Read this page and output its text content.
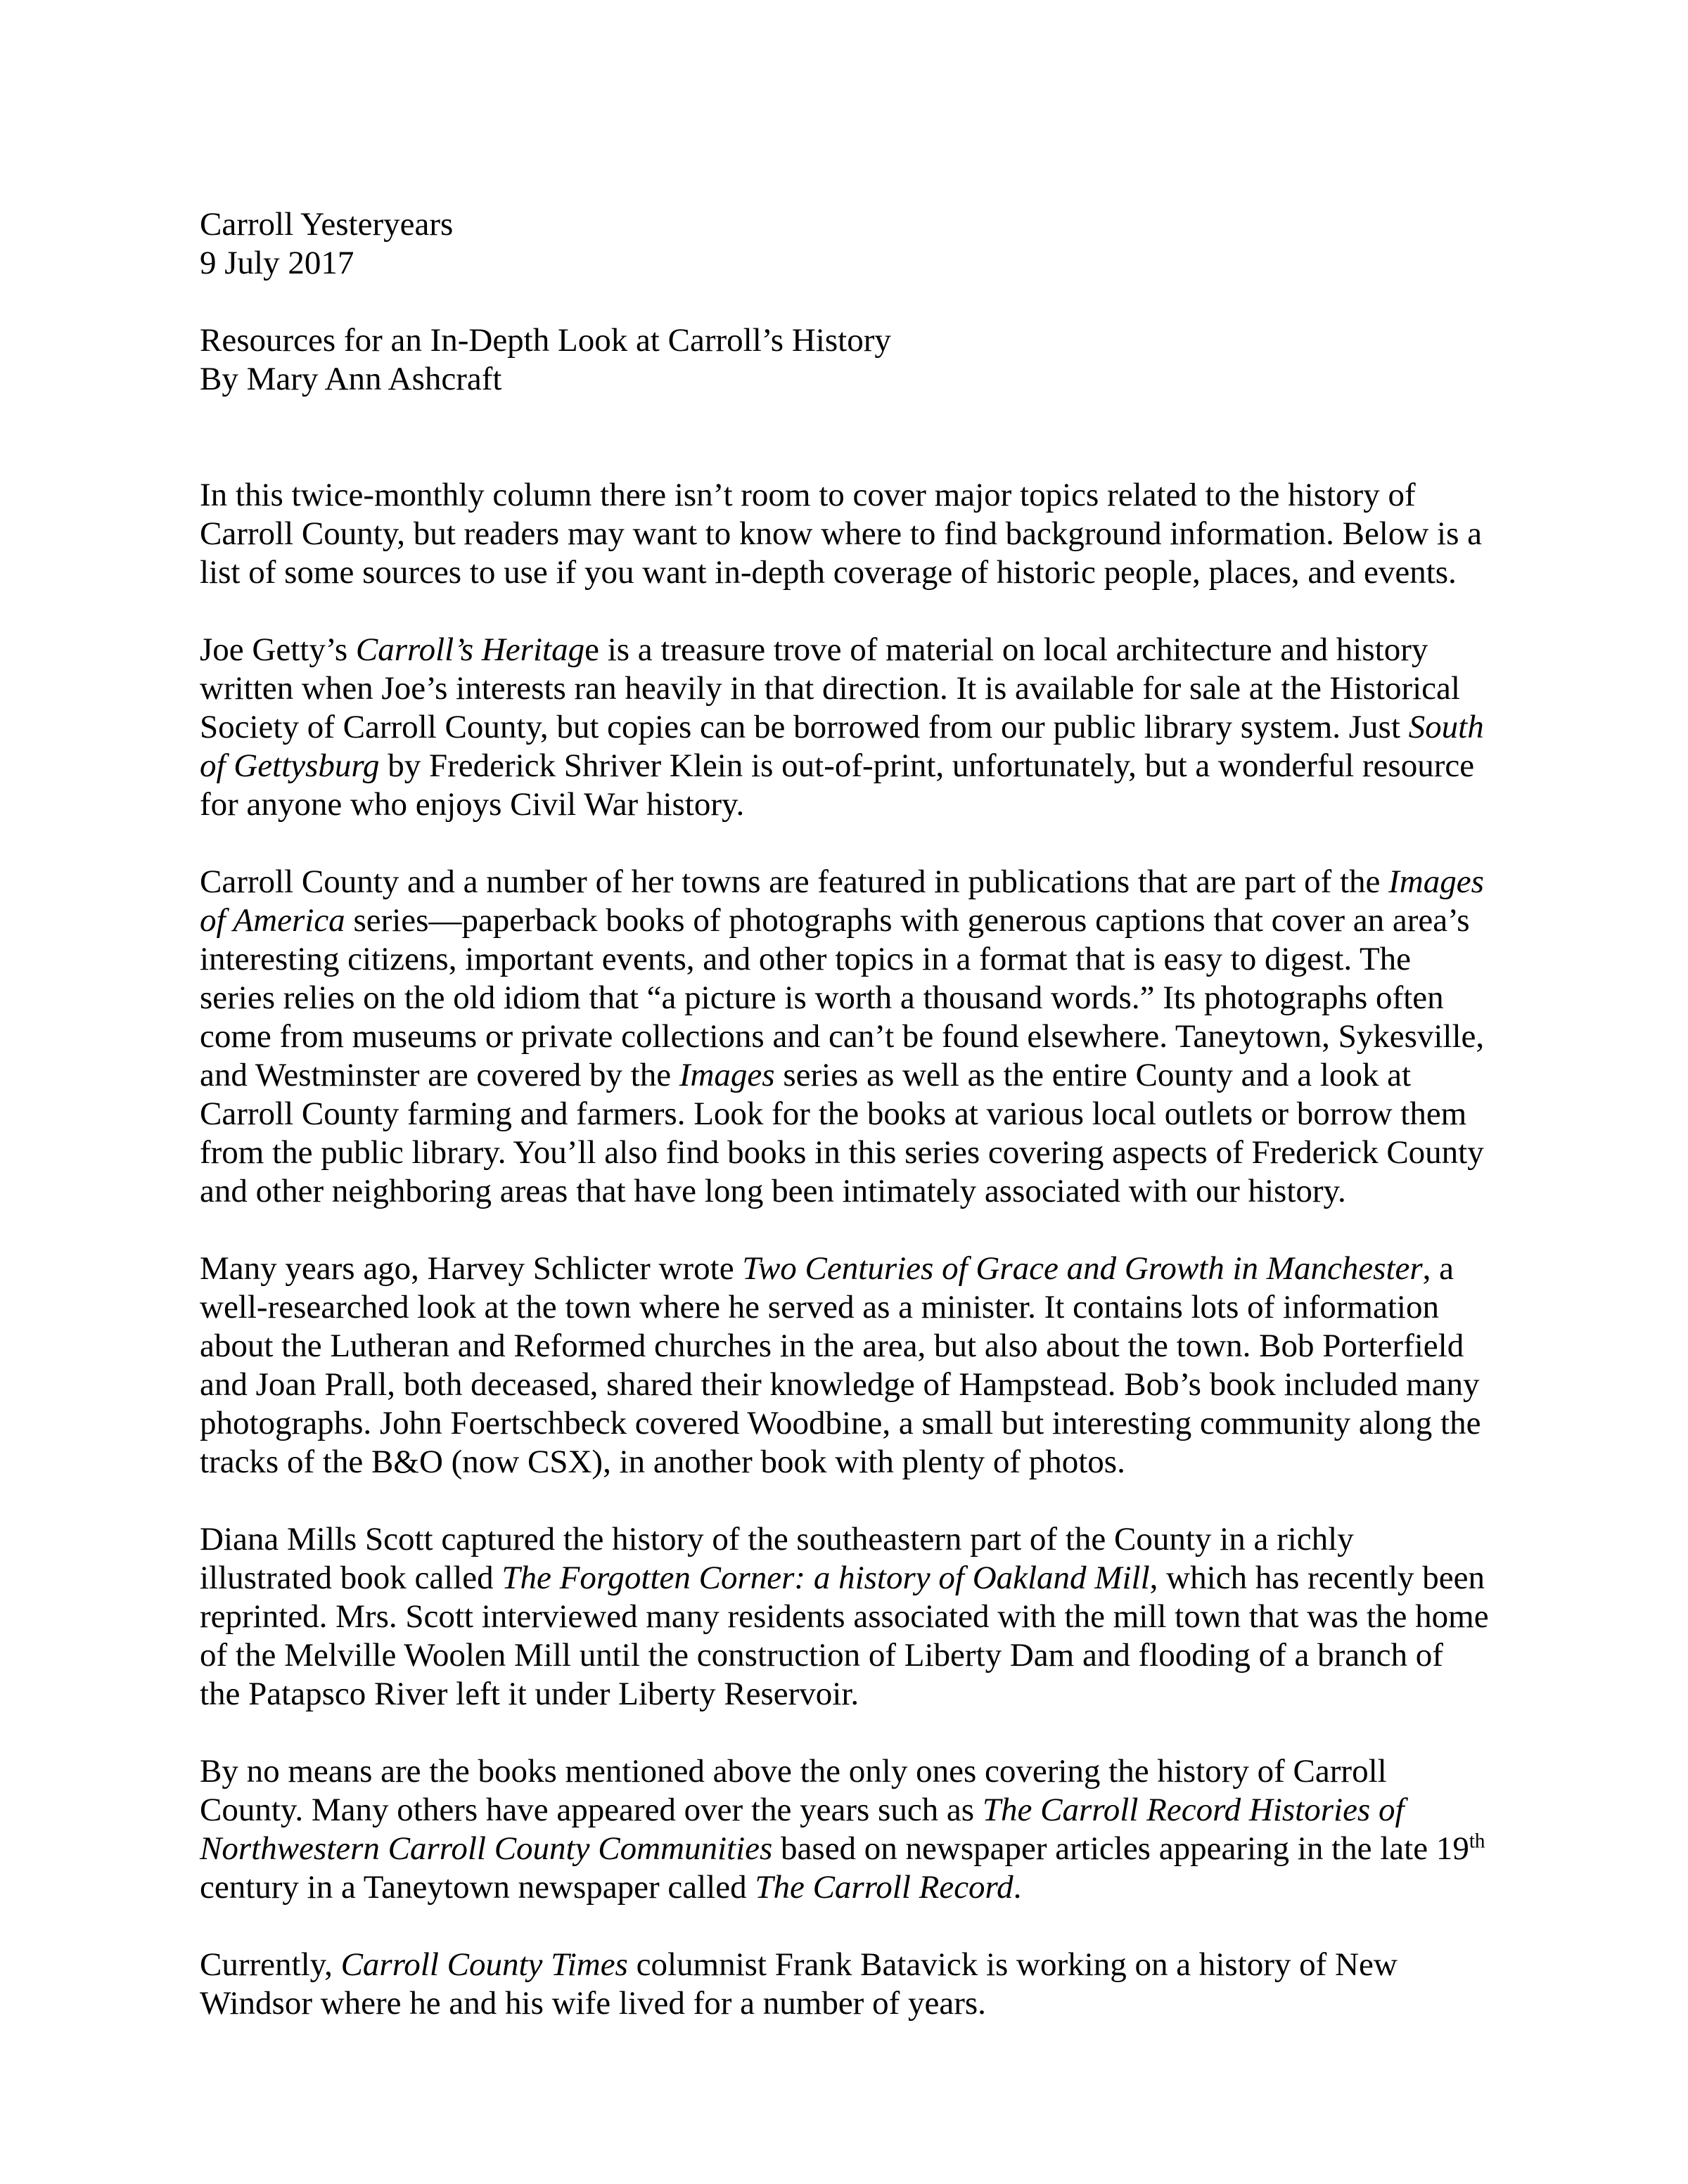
Carroll Yesteryears

9 July 2017

Resources for an In-Depth Look at Carroll’s History

By Mary Ann Ashcraft

In this twice-monthly column there isn’t room to cover major topics related to the history of Carroll County, but readers may want to know where to find background information. Below is a list of some sources to use if you want in-depth coverage of historic people, places, and events.

Joe Getty’s Carroll’s Heritage is a treasure trove of material on local architecture and history written when Joe’s interests ran heavily in that direction. It is available for sale at the Historical Society of Carroll County, but copies can be borrowed from our public library system. Just South of Gettysburg by Frederick Shriver Klein is out-of-print, unfortunately, but a wonderful resource for anyone who enjoys Civil War history.

Carroll County and a number of her towns are featured in publications that are part of the Images of America series—paperback books of photographs with generous captions that cover an area’s interesting citizens, important events, and other topics in a format that is easy to digest. The series relies on the old idiom that “a picture is worth a thousand words.” Its photographs often come from museums or private collections and can’t be found elsewhere. Taneytown, Sykesville, and Westminster are covered by the Images series as well as the entire County and a look at Carroll County farming and farmers. Look for the books at various local outlets or borrow them from the public library. You’ll also find books in this series covering aspects of Frederick County and other neighboring areas that have long been intimately associated with our history.

Many years ago, Harvey Schlicter wrote Two Centuries of Grace and Growth in Manchester, a well-researched look at the town where he served as a minister. It contains lots of information about the Lutheran and Reformed churches in the area, but also about the town. Bob Porterfield and Joan Prall, both deceased, shared their knowledge of Hampstead. Bob’s book included many photographs. John Foertschbeck covered Woodbine, a small but interesting community along the tracks of the B&O (now CSX), in another book with plenty of photos.

Diana Mills Scott captured the history of the southeastern part of the County in a richly illustrated book called The Forgotten Corner: a history of Oakland Mill, which has recently been reprinted. Mrs. Scott interviewed many residents associated with the mill town that was the home of the Melville Woolen Mill until the construction of Liberty Dam and flooding of a branch of the Patapsco River left it under Liberty Reservoir.

By no means are the books mentioned above the only ones covering the history of Carroll County. Many others have appeared over the years such as The Carroll Record Histories of Northwestern Carroll County Communities based on newspaper articles appearing in the late 19th century in a Taneytown newspaper called The Carroll Record.

Currently, Carroll County Times columnist Frank Batavick is working on a history of New Windsor where he and his wife lived for a number of years.
